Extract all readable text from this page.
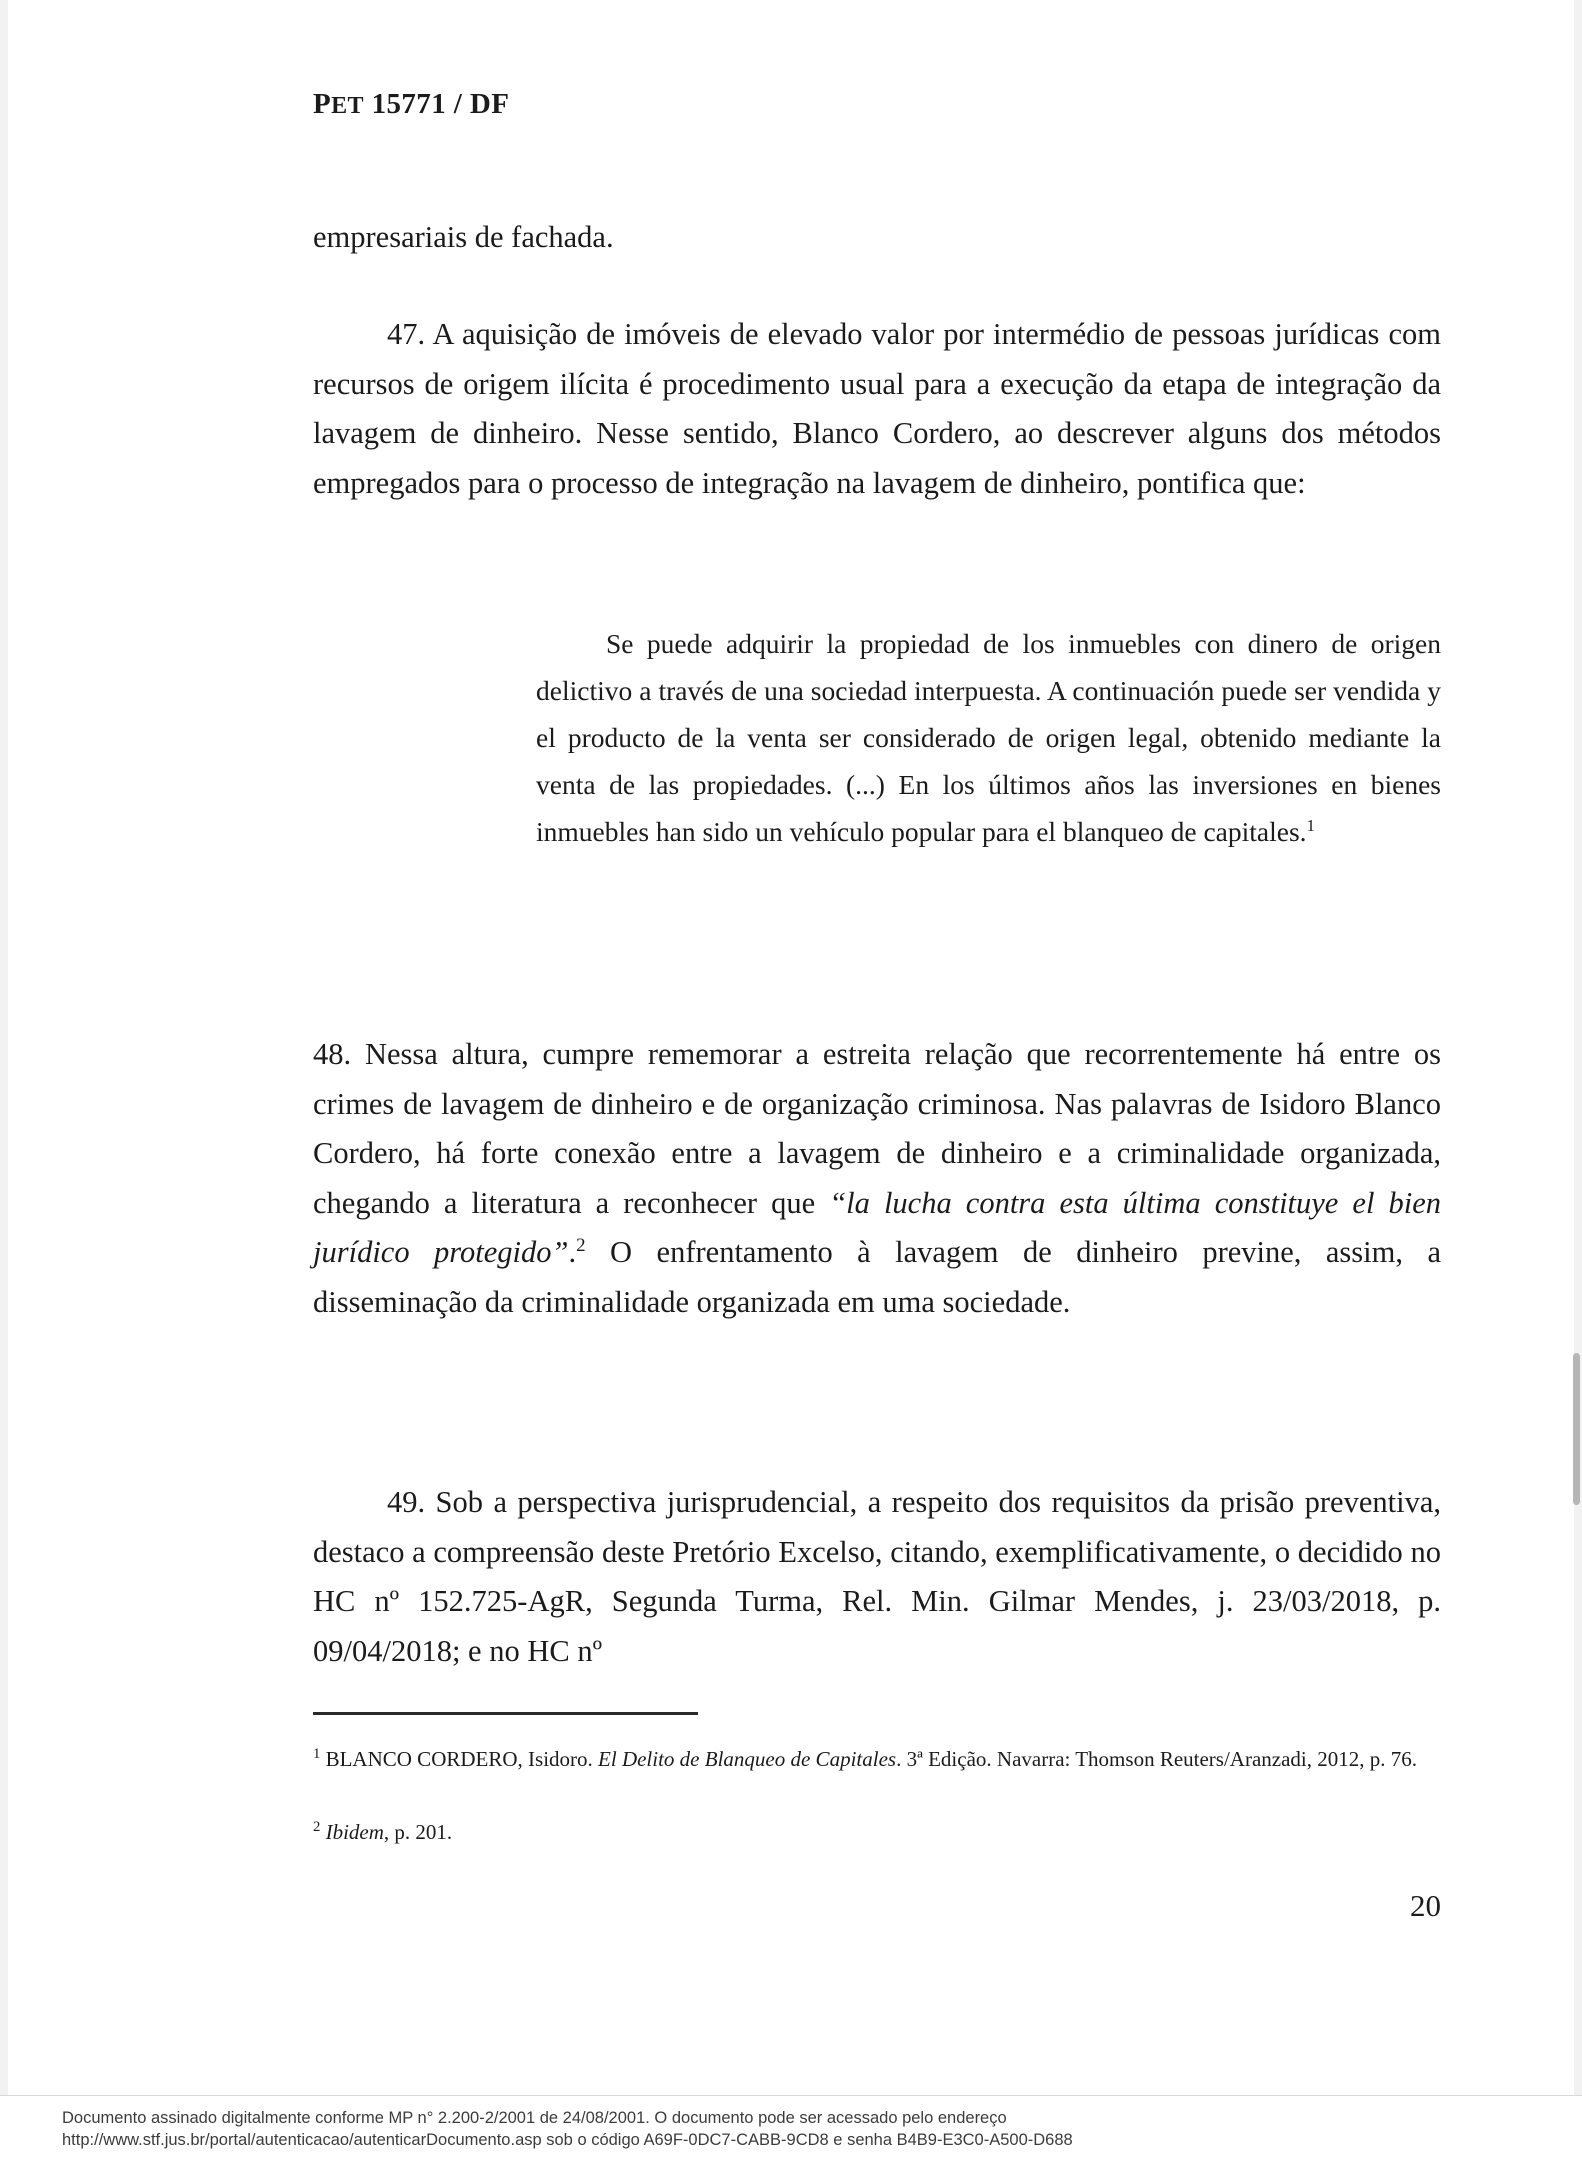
PET 15771 / DF
empresariais de fachada.
47. A aquisição de imóveis de elevado valor por intermédio de pessoas jurídicas com recursos de origem ilícita é procedimento usual para a execução da etapa de integração da lavagem de dinheiro. Nesse sentido, Blanco Cordero, ao descrever alguns dos métodos empregados para o processo de integração na lavagem de dinheiro, pontifica que:
Se puede adquirir la propiedad de los inmuebles con dinero de origen delictivo a través de una sociedad interpuesta. A continuación puede ser vendida y el producto de la venta ser considerado de origen legal, obtenido mediante la venta de las propiedades. (...) En los últimos años las inversiones en bienes inmuebles han sido un vehículo popular para el blanqueo de capitales.$^1$
48. Nessa altura, cumpre rememorar a estreita relação que recorrentemente há entre os crimes de lavagem de dinheiro e de organização criminosa. Nas palavras de Isidoro Blanco Cordero, há forte conexão entre a lavagem de dinheiro e a criminalidade organizada, chegando a literatura a reconhecer que “la lucha contra esta última constituye el bien jurídico protegido”.$^2$ O enfrentamento à lavagem de dinheiro previne, assim, a disseminação da criminalidade organizada em uma sociedade.
49. Sob a perspectiva jurisprudencial, a respeito dos requisitos da prisão preventiva, destaco a compreensão deste Pretório Excelso, citando, exemplificativamente, o decidido no HC nº 152.725-AgR, Segunda Turma, Rel. Min. Gilmar Mendes, j. 23/03/2018, p. 09/04/2018; e no HC nº
$^1$ BLANCO CORDERO, Isidoro. El Delito de Blanqueo de Capitales. 3ª Edição. Navarra: Thomson Reuters/Aranzadi, 2012, p. 76.
$^2$ Ibidem, p. 201.
20
Documento assinado digitalmente conforme MP n° 2.200-2/2001 de 24/08/2001. O documento pode ser acessado pelo endereço
http://www.stf.jus.br/portal/autenticacao/autenticarDocumento.asp sob o código A69F-0DC7-CABB-9CD8 e senha B4B9-E3C0-A500-D688
